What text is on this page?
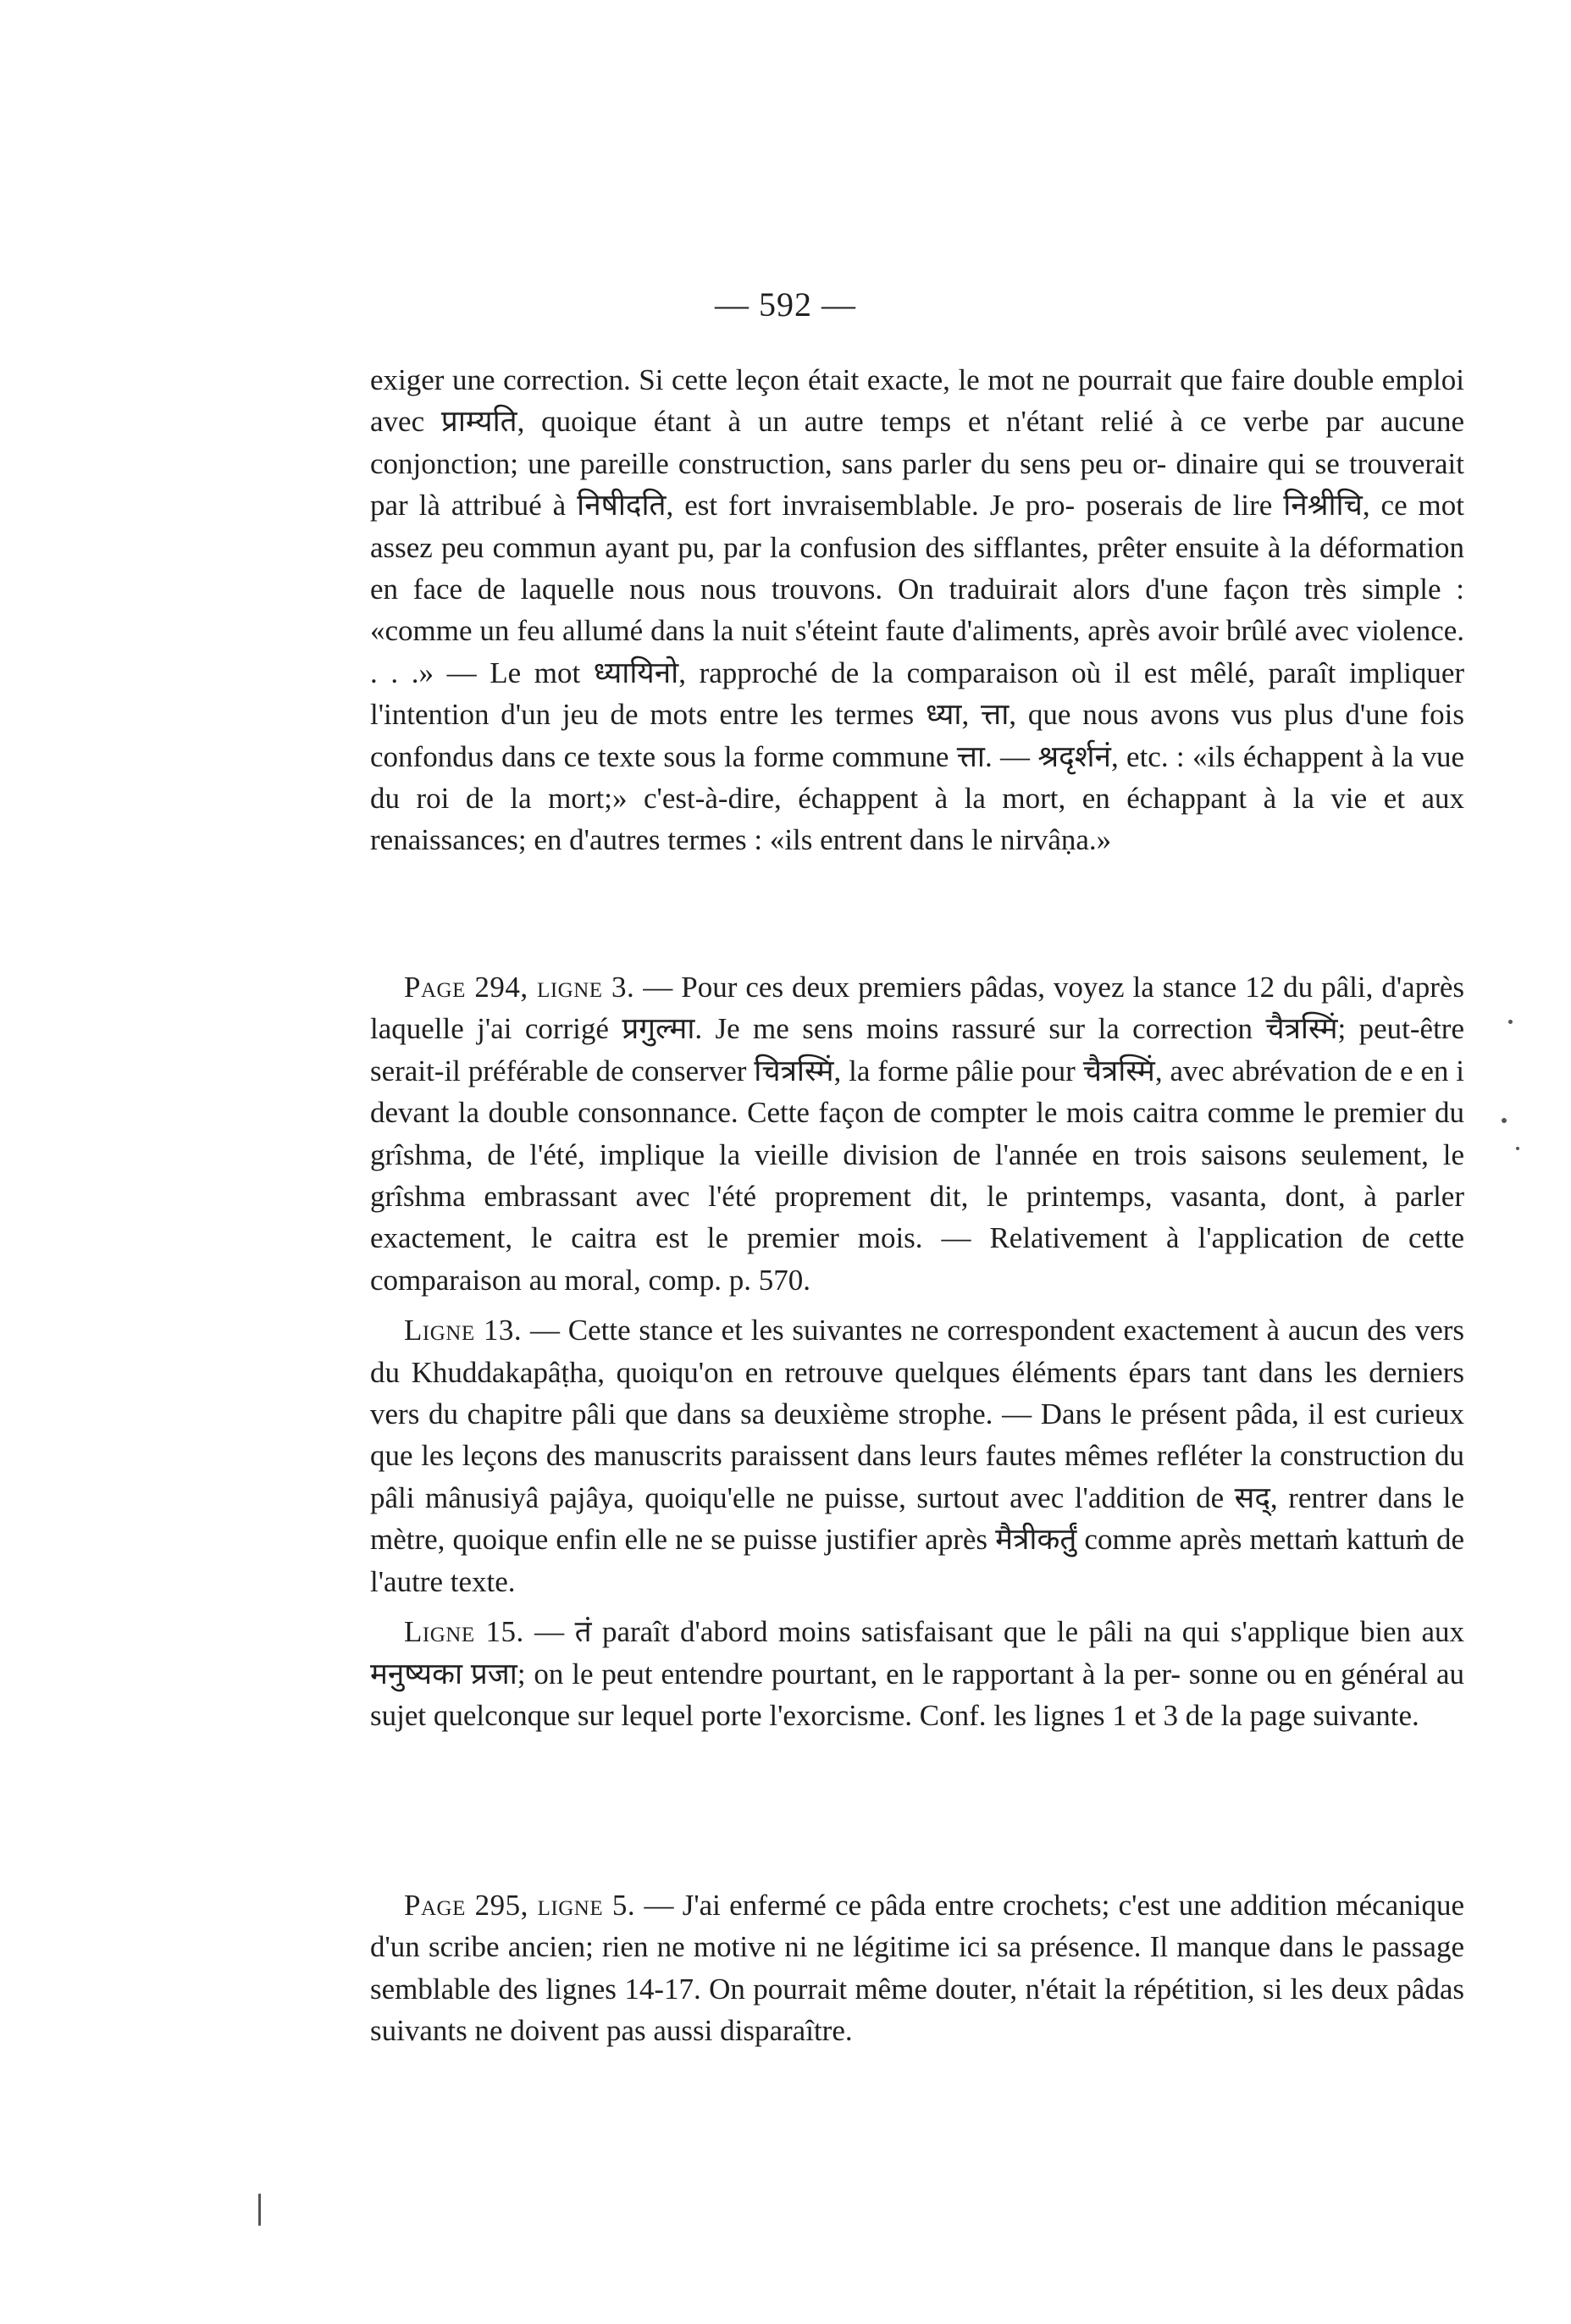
— 592 —

exiger une correction. Si cette leçon était exacte, le mot ne pourrait que faire double emploi avec प्राम्यति, quoique étant à un autre temps et n'étant relié à ce verbe par aucune conjonction; une pareille construction, sans parler du sens peu or- dinaire qui se trouverait par là attribué à निषीदति, est fort invraisemblable. Je pro- poserais de lire निश्रीचि, ce mot assez peu commun ayant pu, par la confusion des sifflantes, prêter ensuite à la déformation en face de laquelle nous nous trouvons. On traduirait alors d'une façon très simple : «comme un feu allumé dans la nuit s'éteint faute d'aliments, après avoir brûlé avec violence. . . .» — Le mot ध्यायिनो, rapproché de la comparaison où il est mêlé, paraît impliquer l'intention d'un jeu de mots entre les termes ध्या, त्ता, que nous avons vus plus d'une fois confondus dans ce texte sous la forme commune त्ता. — श्रदृर्शनं, etc. : «ils échappent à la vue du roi de la mort;» c'est-à-dire, échappent à la mort, en échappant à la vie et aux renaissances; en d'autres termes : «ils entrent dans le nirvâṇa.»

Page 294, ligne 3. — Pour ces deux premiers pâdas, voyez la stance 12 du pâli, d'après laquelle j'ai corrigé प्रगुल्मा. Je me sens moins rassuré sur la correction चैत्रस्मिं; peut-être serait-il préférable de conserver चित्रस्मिं, la forme pâlie pour चैत्रस्मिं, avec abrévation de e en i devant la double consonnance. Cette façon de compter le mois caitra comme le premier du grîshma, de l'été, implique la vieille division de l'année en trois saisons seulement, le grîshma embrassant avec l'été proprement dit, le printemps, vasanta, dont, à parler exactement, le caitra est le premier mois. — Relativement à l'application de cette comparaison au moral, comp. p. 570.

Ligne 13. — Cette stance et les suivantes ne correspondent exactement à aucun des vers du Khuddakapâṭha, quoiqu'on en retrouve quelques éléments épars tant dans les derniers vers du chapitre pâli que dans sa deuxième strophe. — Dans le présent pâda, il est curieux que les leçons des manuscrits paraissent dans leurs fautes mêmes refléter la construction du pâli mânusiyâ pajâya, quoiqu'elle ne puisse, surtout avec l'addition de सद्, rentrer dans le mètre, quoique enfin elle ne se puisse justifier après मैत्रीकर्तुं comme après mettaṁ kattuṁ de l'autre texte.

Ligne 15. — तं paraît d'abord moins satisfaisant que le pâli na qui s'applique bien aux मनुष्यका प्रजा; on le peut entendre pourtant, en le rapportant à la per- sonne ou en général au sujet quelconque sur lequel porte l'exorcisme. Conf. les lignes 1 et 3 de la page suivante.

Page 295, ligne 5. — J'ai enfermé ce pâda entre crochets; c'est une addition mécanique d'un scribe ancien; rien ne motive ni ne légitime ici sa présence. Il manque dans le passage semblable des lignes 14-17. On pourrait même douter, n'était la répétition, si les deux pâdas suivants ne doivent pas aussi disparaître.
